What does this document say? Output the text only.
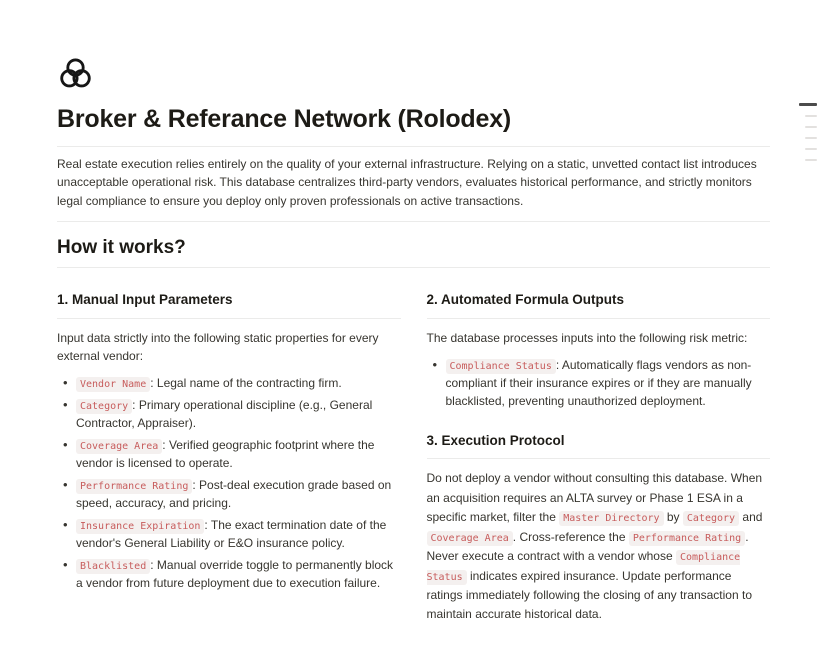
Broker & Referance Network (Rolodex)

Real estate execution relies entirely on the quality of your external infrastructure. Relying on a static, unvetted contact list introduces unacceptable operational risk. This database centralizes third-party vendors, evaluates historical performance, and strictly monitors legal compliance to ensure you deploy only proven professionals on active transactions.

How it works?
1. Manual Input Parameters

Input data strictly into the following static properties for every external vendor:

• Vendor Name : Legal name of the contracting firm.
• Category : Primary operational discipline (e.g., General Contractor, Appraiser).
• Coverage Area : Verified geographic footprint where the vendor is licensed to operate.
• Performance Rating : Post-deal execution grade based on speed, accuracy, and pricing.
• Insurance Expiration : The exact termination date of the vendor's General Liability or E&O insurance policy.
• Blacklisted : Manual override toggle to permanently block a vendor from future deployment due to execution failure.
2. Automated Formula Outputs

The database processes inputs into the following risk metric:

• Compliance Status : Automatically flags vendors as non-compliant if their insurance expires or if they are manually blacklisted, preventing unauthorized deployment.
3. Execution Protocol

Do not deploy a vendor without consulting this database. When an acquisition requires an ALTA survey or Phase 1 ESA in a specific market, filter the Master Directory by Category and Coverage Area . Cross-reference the Performance Rating . Never execute a contract with a vendor whose Compliance Status indicates expired insurance. Update performance ratings immediately following the closing of any transaction to maintain accurate historical data.
